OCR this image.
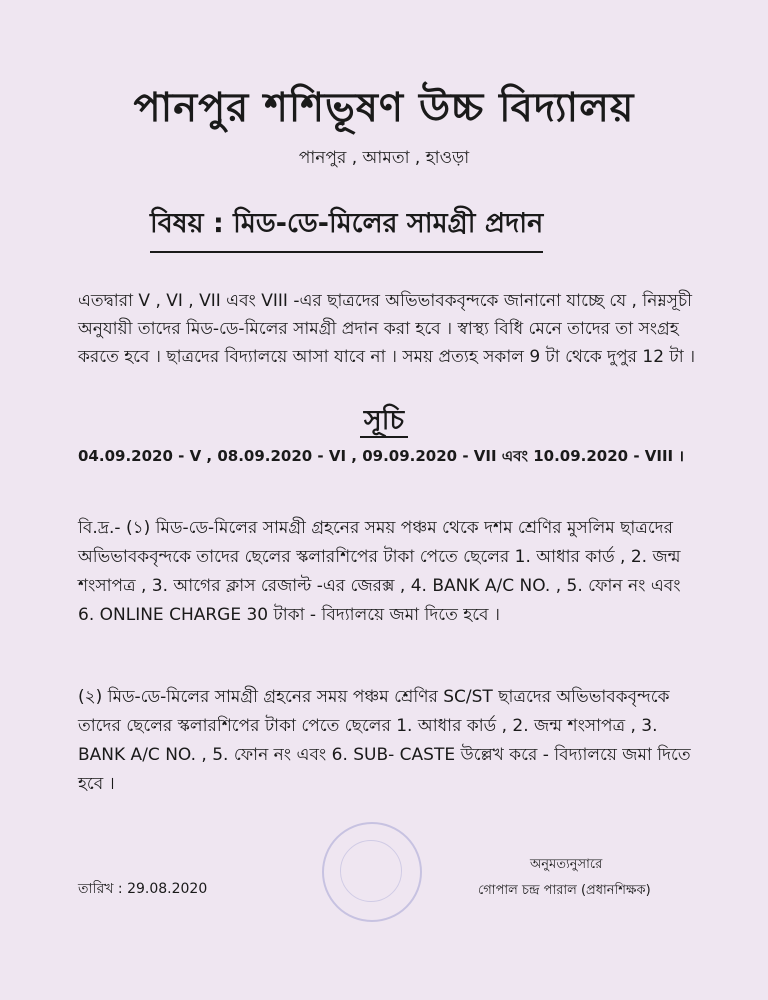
পানপুর শশিভূষণ উচ্চ বিদ্যালয়
পানপুর , আমতা , হাওড়া
বিষয় : মিড-ডে-মিলের সামগ্রী প্রদান
এতদ্বারা V , VI , VII এবং VIII -এর ছাত্রদের অভিভাবকবৃন্দকে জানানো যাচ্ছে যে , নিম্নসূচী অনুযায়ী তাদের মিড-ডে-মিলের সামগ্রী প্রদান করা হবে । স্বাস্থ্য বিধি মেনে তাদের তা সংগ্রহ করতে হবে । ছাত্রদের বিদ্যালয়ে আসা যাবে না । সময় প্রত্যহ সকাল 9 টা থেকে দুপুর 12 টা ।
সূচি
04.09.2020 - V , 08.09.2020 - VI , 09.09.2020 - VII এবং 10.09.2020 - VIII ।
বি.দ্র.- (১) মিড-ডে-মিলের সামগ্রী গ্রহনের সময় পঞ্চম থেকে দশম শ্রেণির মুসলিম ছাত্রদের অভিভাবকবৃন্দকে তাদের ছেলের স্কলারশিপের টাকা পেতে ছেলের 1. আধার কার্ড , 2. জন্ম শংসাপত্র , 3. আগের ক্লাস রেজাল্ট -এর জেরক্স , 4. BANK A/C NO. , 5. ফোন নং এবং 6. ONLINE CHARGE 30 টাকা - বিদ্যালয়ে জমা দিতে হবে ।
(২) মিড-ডে-মিলের সামগ্রী গ্রহনের সময় পঞ্চম শ্রেণির SC/ST ছাত্রদের অভিভাবকবৃন্দকে তাদের ছেলের স্কলারশিপের টাকা পেতে ছেলের 1. আধার কার্ড , 2. জন্ম শংসাপত্র , 3. BANK A/C NO. , 5. ফোন নং এবং 6. SUB- CASTE উল্লেখ করে - বিদ্যালয়ে জমা দিতে হবে ।
তারিখ : 29.08.2020
অনুমত্যনুসারে
গোপাল চন্দ্র পারাল (প্রধানশিক্ষক)
